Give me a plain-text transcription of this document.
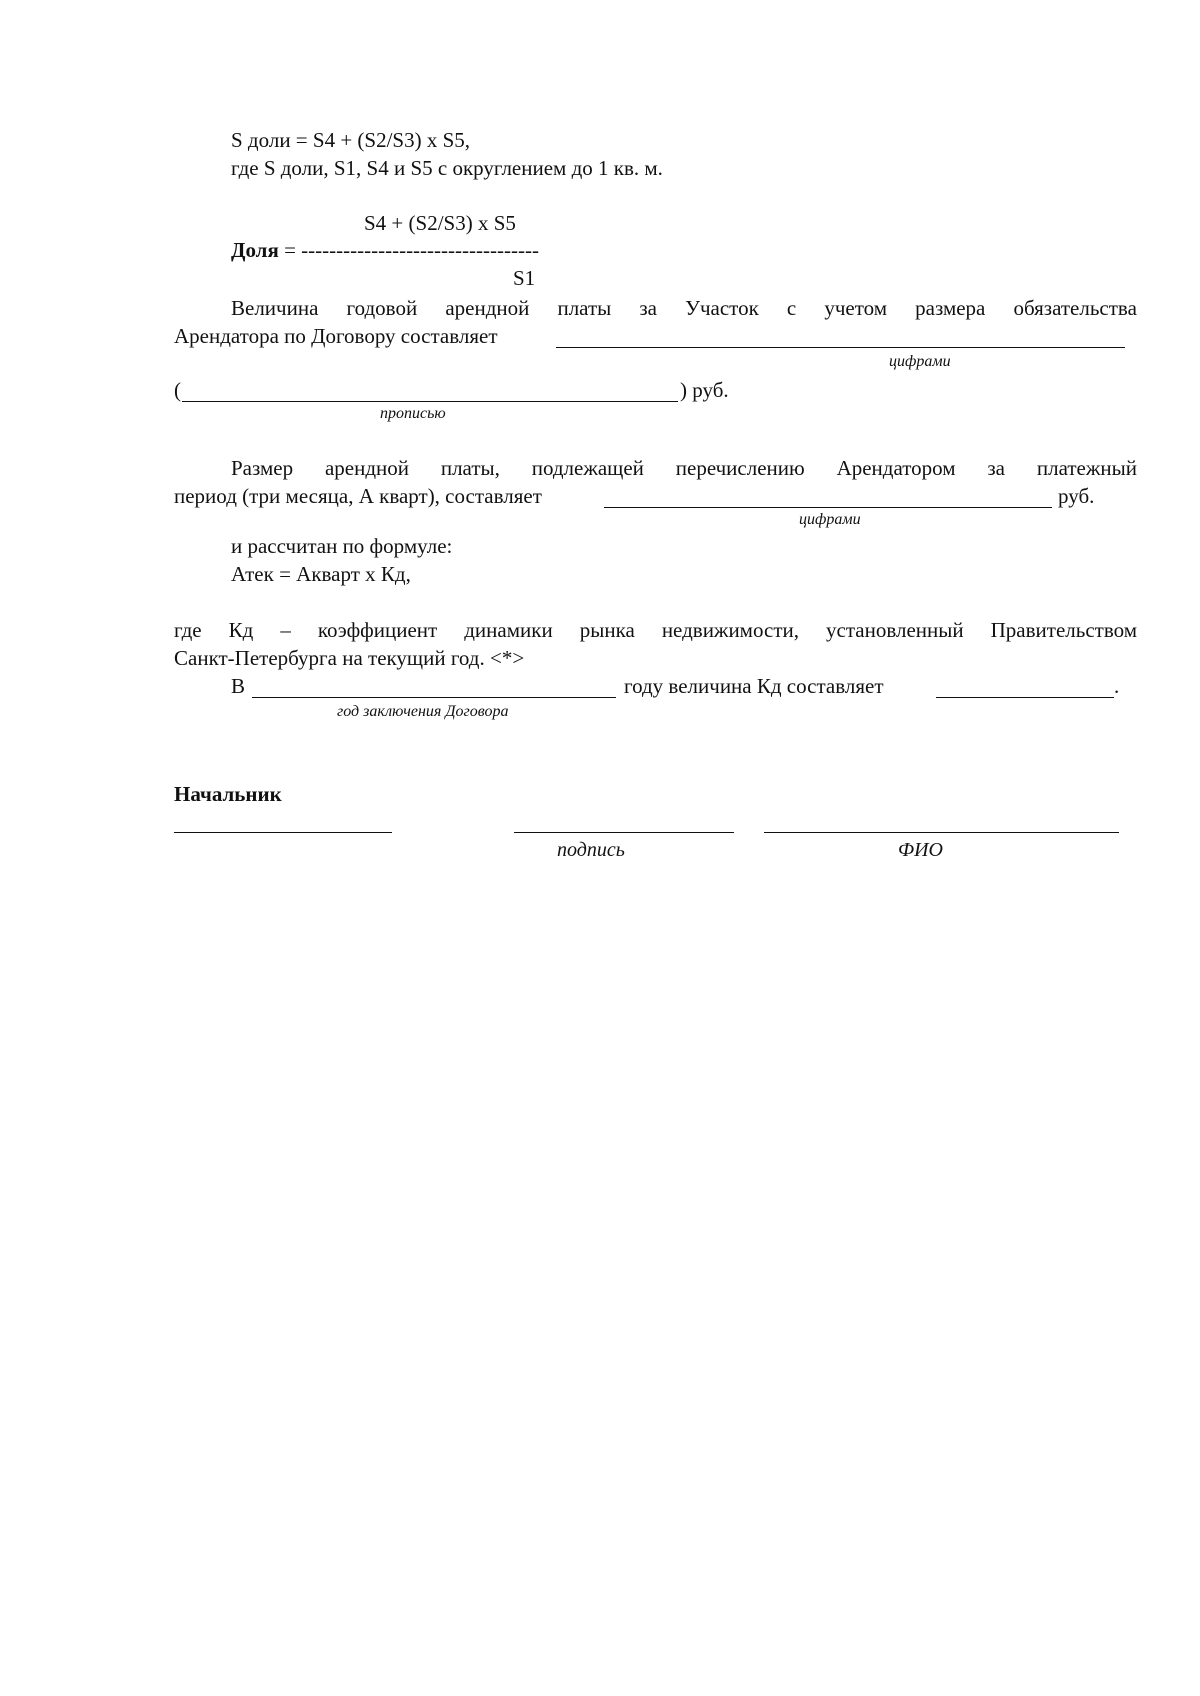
S доли = S4 + (S2/S3) x S5,
где S доли, S1, S4 и S5 с округлением до 1 кв. м.
S4 + (S2/S3) x S5
Доля = ----------------------------------
S1
Величина годовой арендной платы за Участок с учетом размера обязательства
Арендатора по Договору составляет
цифрами
(	) руб.
прописью
Размер арендной платы, подлежащей перечислению Арендатором за платежный
период (три месяца, А кварт), составляет	руб.
цифрами
и рассчитан по формуле:
Атек = Акварт х Кд,
где Кд – коэффициент динамики рынка недвижимости, установленный Правительством
Санкт-Петербурга на текущий год. <*>
В	году величина Кд составляет	.
год заключения Договора
Начальник
подпись	ФИО
